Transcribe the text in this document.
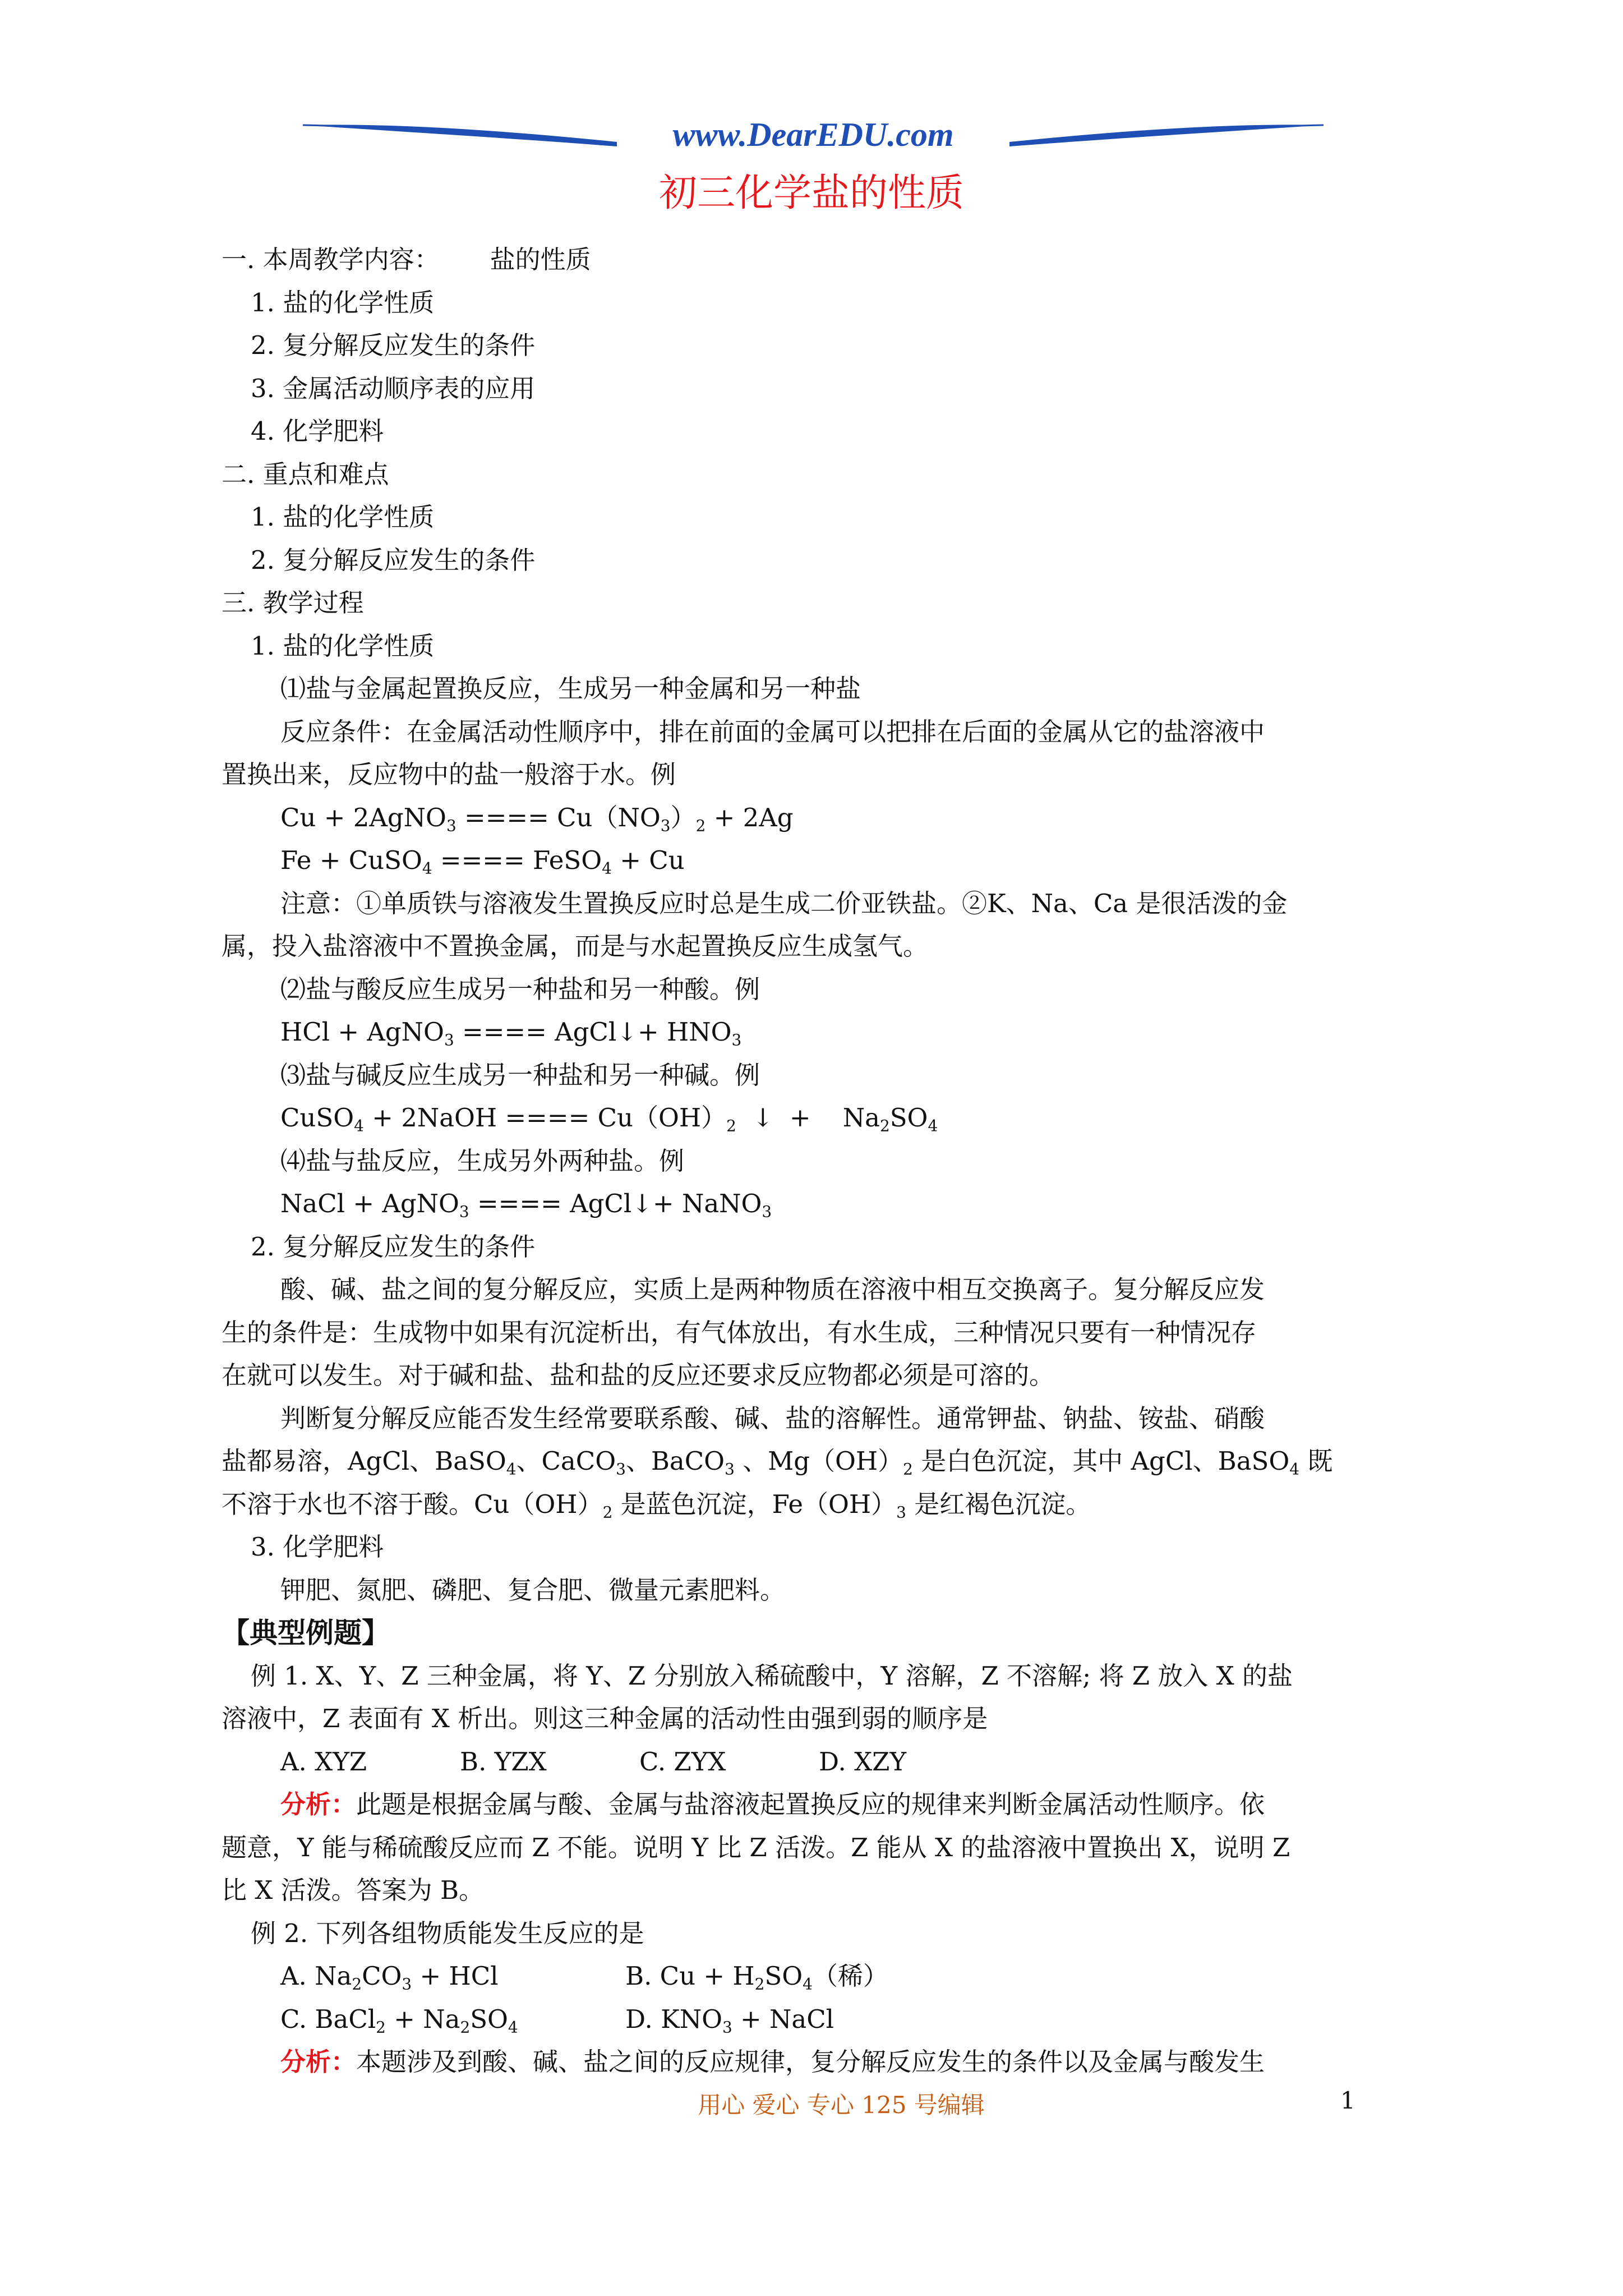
www.DearEDU.com
初三化学盐的性质

一. 本周教学内容： 盐的性质

1. 盐的化学性质

2. 复分解反应发生的条件

3. 金属活动顺序表的应用

4. 化学肥料

二. 重点和难点

1. 盐的化学性质

2. 复分解反应发生的条件

三. 教学过程

1. 盐的化学性质

⑴盐与金属起置换反应，生成另一种金属和另一种盐

反应条件：在金属活动性顺序中，排在前面的金属可以把排在后面的金属从它的盐溶液中

置换出来，反应物中的盐一般溶于水。例

Cu + 2AgNO$_3$ ==== $Cu(NO_3)_2 + 2Ag$

Fe + CuSO$_4$ ==== FeSO$_4$ + Cu

注意：①单质铁与溶液发生置换反应时总是生成二价亚铁盐。②K、Na、Ca 是很活泼的金

属，投入盐溶液中不置换金属，而是与水起置换反应生成氢气。

⑵盐与酸反应生成另一种盐和另一种酸。例

HCl + AgNO$_3$ ==== AgCl↓+ $HNO_3$

⑶盐与碱反应生成另一种盐和另一种碱。例

CuSO$_4$ + 2NaOH ==== $Cu(OH)_2$  ↓  +    $Na_2SO_4$

⑷盐与盐反应，生成另外两种盐。例

NaCl + AgNO$_3$ ==== AgCl↓+ NaNO$_3$

2. 复分解反应发生的条件

酸、碱、盐之间的复分解反应，实质上是两种物质在溶液中相互交换离子。复分解反应发

生的条件是：生成物中如果有沉淀析出，有气体放出，有水生成，三种情况只要有一种情况存

在就可以发生。对于碱和盐、盐和盐的反应还要求反应物都必须是可溶的。

判断复分解反应能否发生经常要联系酸、碱、盐的溶解性。通常钾盐、钠盐、铵盐、硝酸

盐都易溶，AgCl、BaSO$_4$、CaCO$_3$、BaCO$_3$ 、$Mg(OH)_2$ 是白色沉淀，其中 AgCl、BaSO$_4$ 既

不溶于水也不溶于酸。$Cu(OH)_2$ 是蓝色沉淀，$Fe(OH)_3$ 是红褐色沉淀。

3. 化学肥料

钾肥、氮肥、磷肥、复合肥、微量元素肥料。

【典型例题】

例 1. X、Y、Z 三种金属，将 Y、Z 分别放入稀硫酸中，Y 溶解，Z 不溶解; 将 Z 放入 X 的盐

溶液中，Z 表面有 X 析出。则这三种金属的活动性由强到弱的顺序是

A. XYZ	B. YZX	C. ZYX	D. XZY

分析：此题是根据金属与酸、金属与盐溶液起置换反应的规律来判断金属活动性顺序。依

题意，Y 能与稀硫酸反应而 Z 不能。说明 Y 比 Z 活泼。Z 能从 X 的盐溶液中置换出 X，说明 Z

比 X 活泼。答案为 B。

例 2. 下列各组物质能发生反应的是

A. $Na_2CO_3$ + HCl	B. $Cu + H_2SO_4$（稀）

C. BaCl$_2$ + $Na_2SO_4$	D. $KNO_3$ + NaCl

分析：本题涉及到酸、碱、盐之间的反应规律，复分解反应发生的条件以及金属与酸发生

用心 爱心 专心 125 号编辑	1
